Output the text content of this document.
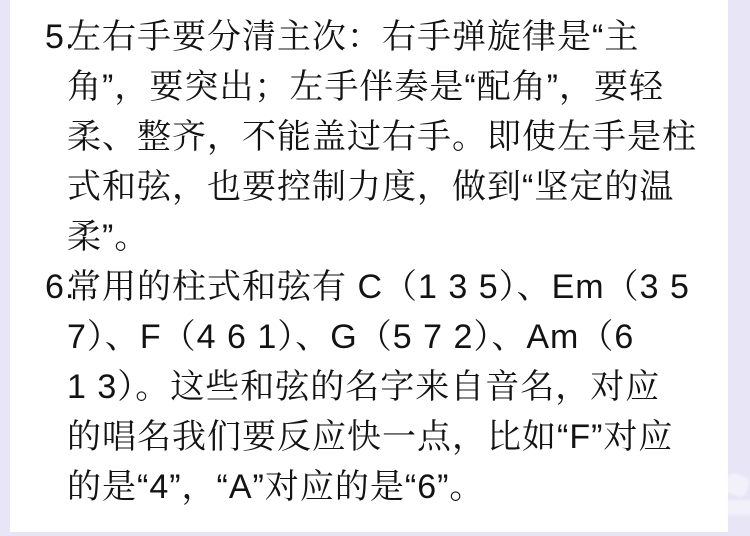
5.
左右手要分清主次：右手弹旋律是“主
角”，要突出；左手伴奏是“配角”，要轻
柔、整齐，不能盖过右手。即使左手是柱
式和弦，也要控制力度，做到“坚定的温
柔”。
6.
常用的柱式和弦有 C（1 3 5）、Em（3 5
7）、F（4 6 1）、G（5 7 2）、Am（6
1 3）。这些和弦的名字来自音名，对应
的唱名我们要反应快一点，比如“F”对应
的是“4”，“A”对应的是“6”。
